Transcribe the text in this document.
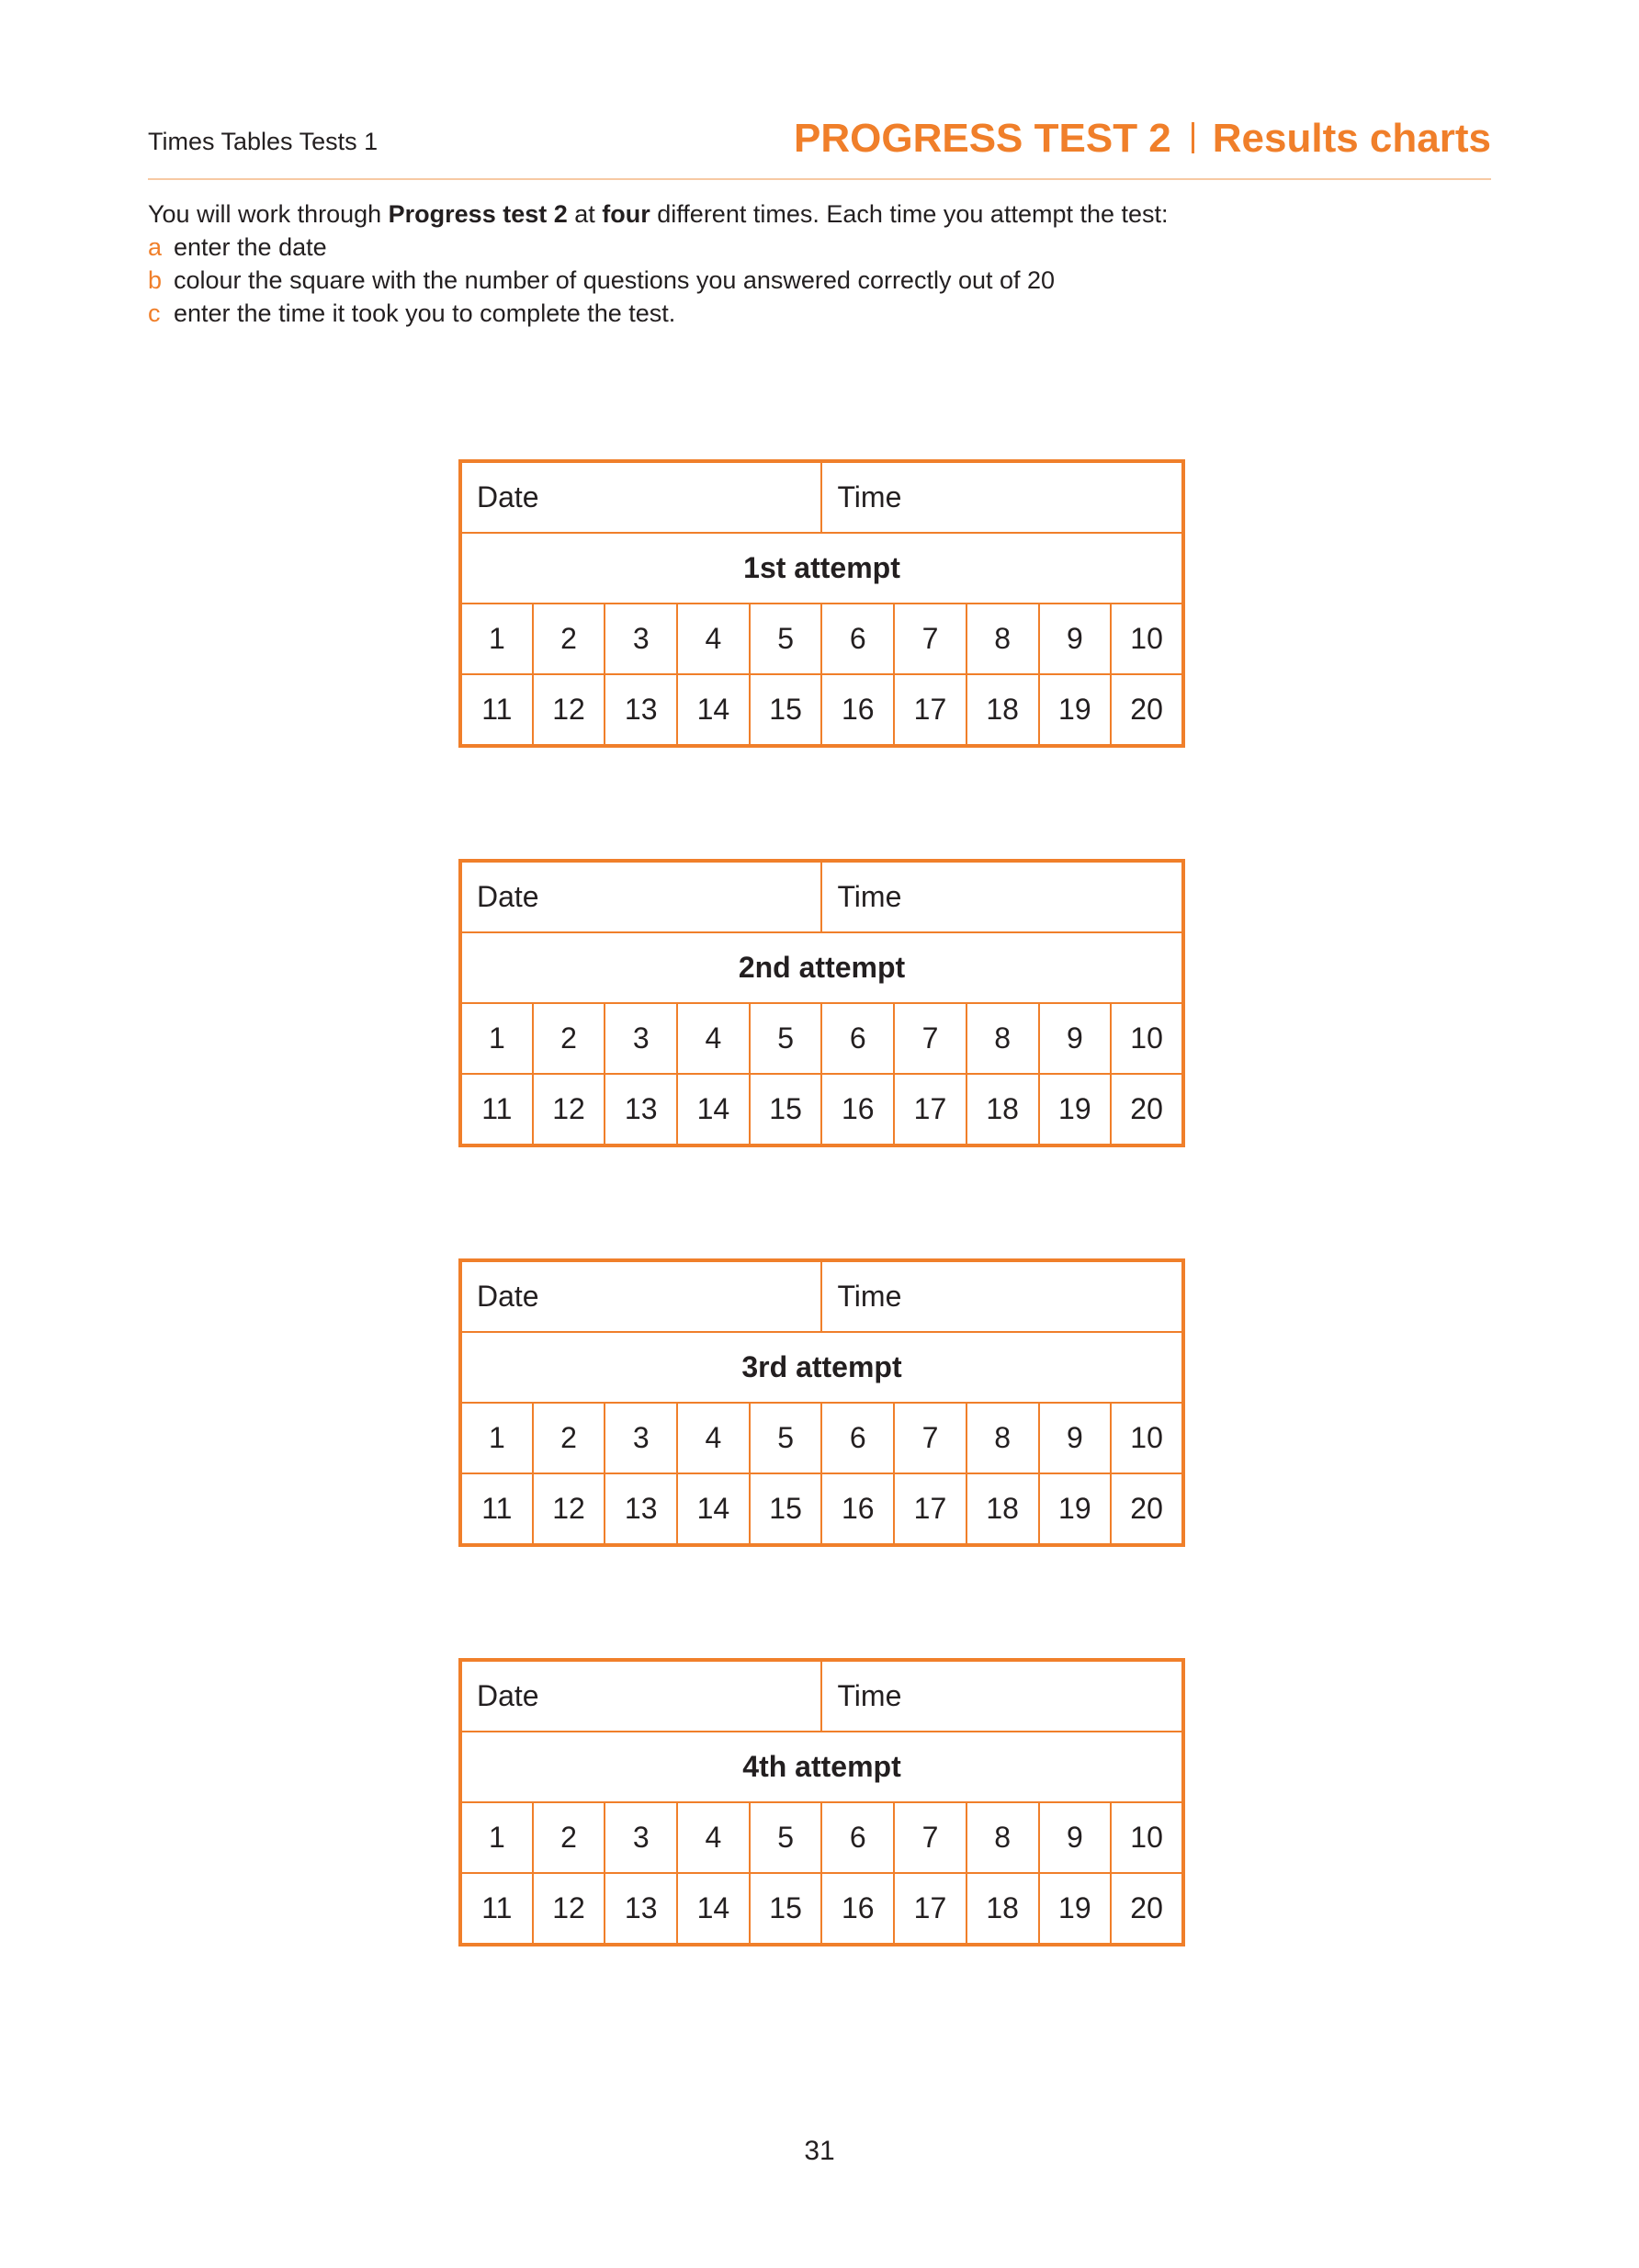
Times Tables Tests 1	PROGRESS TEST 2 Results charts

You will work through Progress test 2 at four different times. Each time you attempt the test:

a enter the date
b colour the square with the number of questions you answered correctly out of 20
c enter the time it took you to complete the test.
Date					Time				
1st attempt									
1	2	3	4	5	6	7	8	9	10
11	12	13	14	15	16	17	18	19	20
Date					Time				
2nd attempt									
1	2	3	4	5	6	7	8	9	10
11	12	13	14	15	16	17	18	19	20
Date					Time				
3rd attempt									
1	2	3	4	5	6	7	8	9	10
11	12	13	14	15	16	17	18	19	20
Date					Time				
4th attempt									
1	2	3	4	5	6	7	8	9	10
11	12	13	14	15	16	17	18	19	20
31
